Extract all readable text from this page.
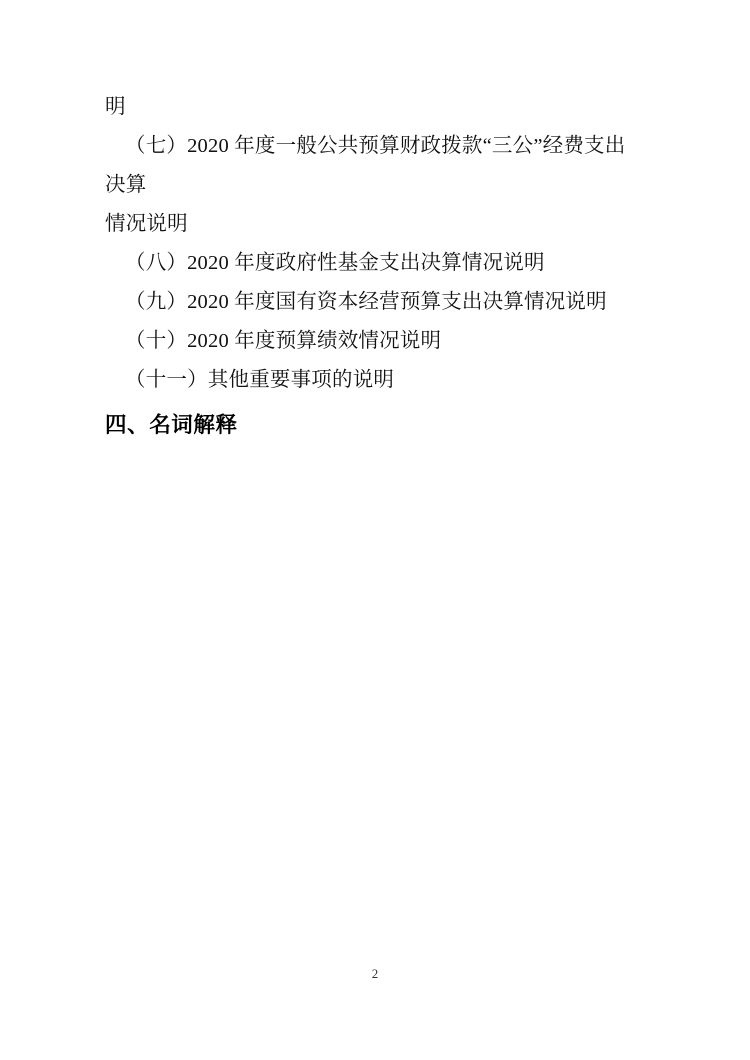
明
（七）2020 年度一般公共预算财政拨款“三公”经费支出决算
情况说明
（八）2020 年度政府性基金支出决算情况说明
（九）2020 年度国有资本经营预算支出决算情况说明
（十）2020 年度预算绩效情况说明
（十一）其他重要事项的说明
四、名词解释
2
